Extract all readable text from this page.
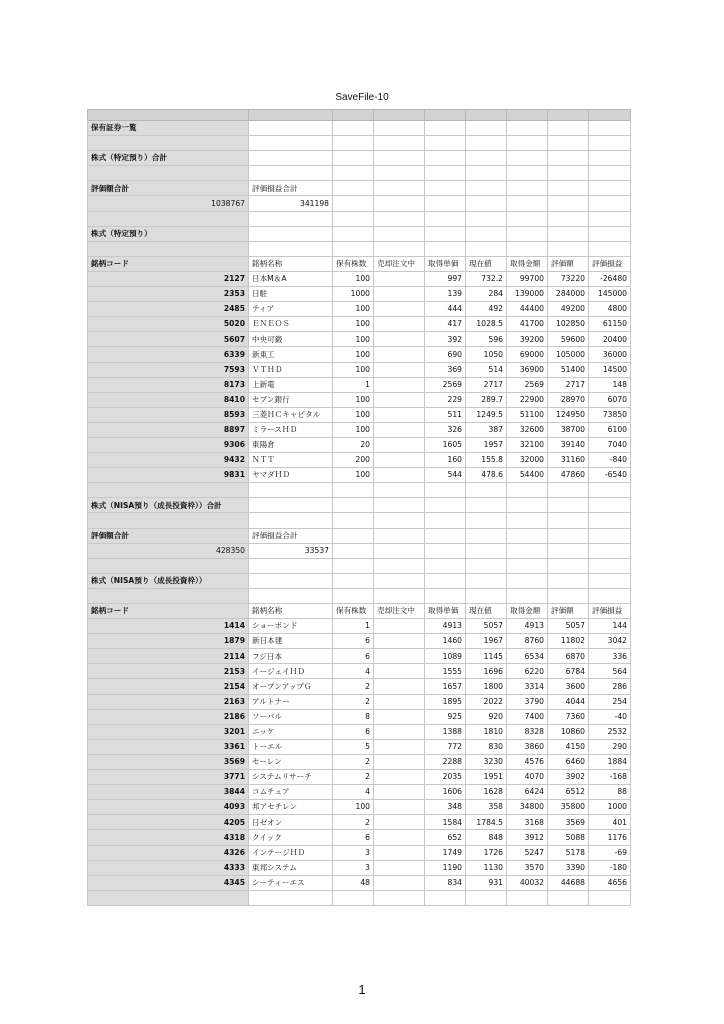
SaveFile-10

保有証券一覧								

株式（特定預り）合計								

評価額合計	評価損益合計							
1038767	341198							

株式（特定預り）								

銘柄コード	銘柄名称	保有株数	売却注文中	取得単価	現在値	取得金額	評価額	評価損益
2127	日本M＆A	100		997	732.2	99700	73220	-26480
2353	日駐	1000		139	284	139000	284000	145000
2485	ティア	100		444	492	44400	49200	4800
5020	ＥＮＥＯＳ	100		417	1028.5	41700	102850	61150
5607	中央可鍛	100		392	596	39200	59600	20400
6339	新東工	100		690	1050	69000	105000	36000
7593	ＶＴＨＤ	100		369	514	36900	51400	14500
8173	上新電	1		2569	2717	2569	2717	148
8410	セブン銀行	100		229	289.7	22900	28970	6070
8593	三菱ＨＣキャピタル	100		511	1249.5	51100	124950	73850
8897	ミラースＨＤ	100		326	387	32600	38700	6100
9306	東陽倉	20		1605	1957	32100	39140	7040
9432	ＮＴＴ	200		160	155.8	32000	31160	-840
9831	ヤマダＨＤ	100		544	478.6	54400	47860	-6540

株式（NISA預り（成長投資枠））合計								

評価額合計	評価損益合計							
428350	33537							

株式（NISA預り（成長投資枠））								

銘柄コード	銘柄名称	保有株数	売却注文中	取得単価	現在値	取得金額	評価額	評価損益
1414	ショーボンド	1		4913	5057	4913	5057	144
1879	新日本建	6		1460	1967	8760	11802	3042
2114	フジ日本	6		1089	1145	6534	6870	336
2153	イージェイＨＤ	4		1555	1696	6220	6784	564
2154	オープンアップＧ	2		1657	1800	3314	3600	286
2163	アルトナー	2		1895	2022	3790	4044	254
2186	ソーバル	8		925	920	7400	7360	-40
3201	ニッケ	6		1388	1810	8328	10860	2532
3361	トーエル	5		772	830	3860	4150	290
3569	セーレン	2		2288	3230	4576	6460	1884
3771	システムリサーチ	2		2035	1951	4070	3902	-168
3844	コムチュア	4		1606	1628	6424	6512	88
4093	邦アセチレン	100		348	358	34800	35800	1000
4205	日ゼオン	2		1584	1784.5	3168	3569	401
4318	クイック	6		652	848	3912	5088	1176
4326	インテージＨＤ	3		1749	1726	5247	5178	-69
4333	東邦システム	3		1190	1130	3570	3390	-180
4345	シーティーエス	48		834	931	40032	44688	4656

1
